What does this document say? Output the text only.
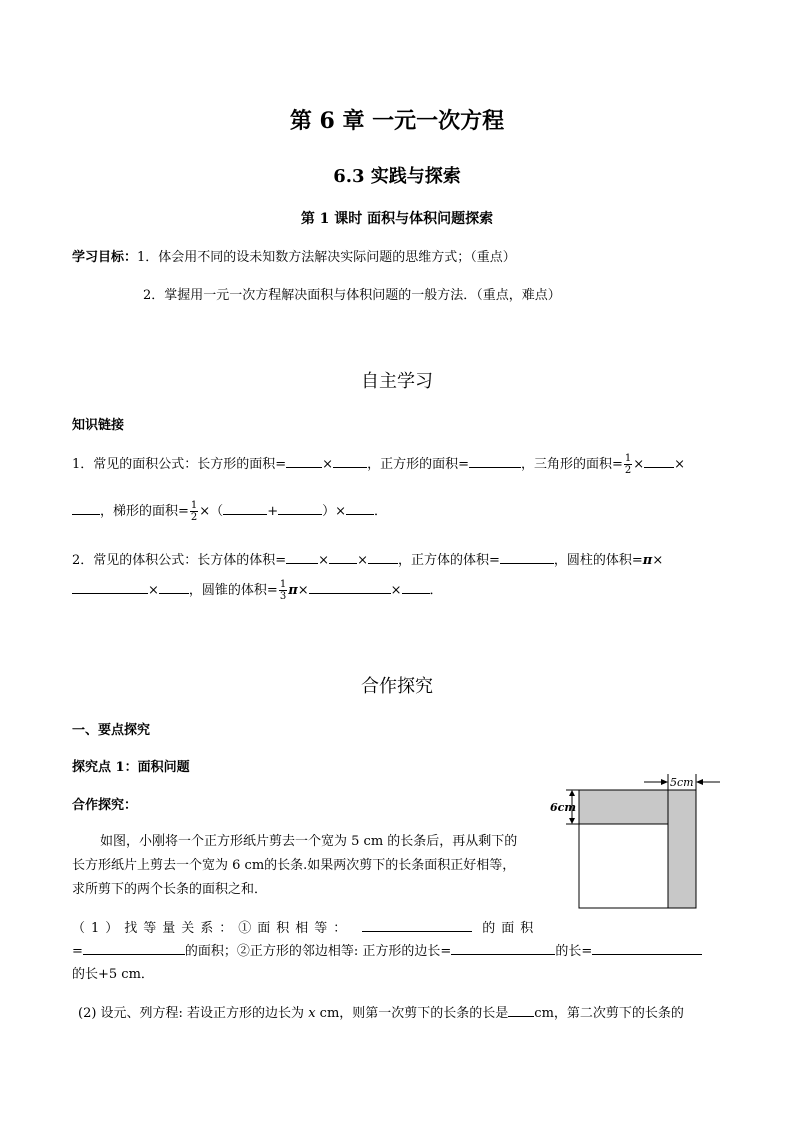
第 6 章 一元一次方程
6.3 实践与探索
第 1 课时 面积与体积问题探索
学习目标：1．体会用不同的设未知数方法解决实际问题的思维方式；（重点）
2．掌握用一元一次方程解决面积与体积问题的一般方法．（重点，难点）
自主学习
知识链接
1．常见的面积公式：长方形的面积=	×	，正方形的面积=	，三角形的面积= $\frac{1}{2}$ × ×
，梯形的面积= $\frac{1}{2}$ ×（	+	）× ．
2．常见的体积公式：长方体的体积= × × ，正方体的体积=	，圆柱的体积=π×
× ，圆锥的体积= $\frac{1}{3} \pi\times$	× ．
合作探究
一、要点探究
探究点 1：面积问题
合作探究：
如图，小刚将一个正方形纸片剪去一个宽为 5 cm 的长条后，再从剩下的
长方形纸片上剪去一个宽为 6 cm的长条.如果两次剪下的长条面积正好相等，
求所剪下的两个长条的面积之和．
5cm
6cm
（1）找等量关系：①面积相等：	的面积
=	的面积；②正方形的邻边相等: 正方形的边长=	的长=
的长+5 cm．
(2) 设元、列方程: 若设正方形的边长为 x cm，则第一次剪下的长条的长是 cm，第二次剪下的长条的
